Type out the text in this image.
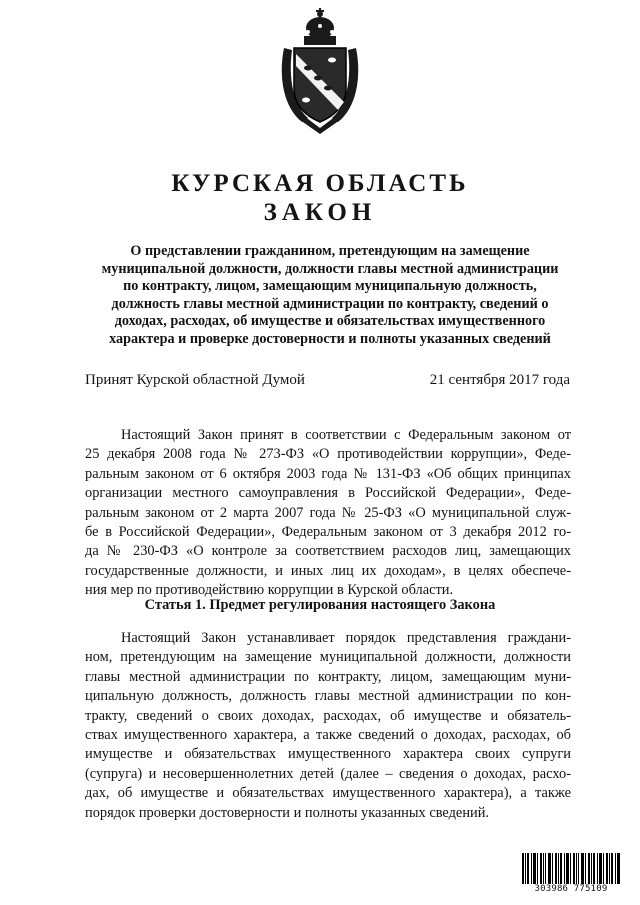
КУРСКАЯ ОБЛАСТЬ
ЗАКОН
О представлении гражданином, претендующим на замещение
муниципальной должности, должности главы местной администрации
по контракту, лицом, замещающим муниципальную должность,
должность главы местной администрации по контракту, сведений о
доходах, расходах, об имуществе и обязательствах имущественного
характера и проверке достоверности и полноты указанных сведений
Принят Курской областной Думой	21 сентября 2017 года
Настоящий Закон принят в соответствии с Федеральным законом от
25 декабря 2008 года № 273-ФЗ «О противодействии коррупции», Феде-
ральным законом от 6 октября 2003 года № 131-ФЗ «Об общих принципах
организации местного самоуправления в Российской Федерации», Феде-
ральным законом от 2 марта 2007 года № 25-ФЗ «О муниципальной служ-
бе в Российской Федерации», Федеральным законом от 3 декабря 2012 го-
да № 230-ФЗ «О контроле за соответствием расходов лиц, замещающих
государственные должности, и иных лиц их доходам», в целях обеспече-
ния мер по противодействию коррупции в Курской области.
Статья 1. Предмет регулирования настоящего Закона
Настоящий Закон устанавливает порядок представления граждани-
ном, претендующим на замещение муниципальной должности, должности
главы местной администрации по контракту, лицом, замещающим муни-
ципальную должность, должность главы местной администрации по кон-
тракту, сведений о своих доходах, расходах, об имуществе и обязатель-
ствах имущественного характера, а также сведений о доходах, расходах, об
имуществе и обязательствах имущественного характера своих супруги
(супруга) и несовершеннолетних детей (далее – сведения о доходах, расхо-
дах, об имуществе и обязательствах имущественного характера), а также
порядок проверки достоверности и полноты указанных сведений.
303986 775109
